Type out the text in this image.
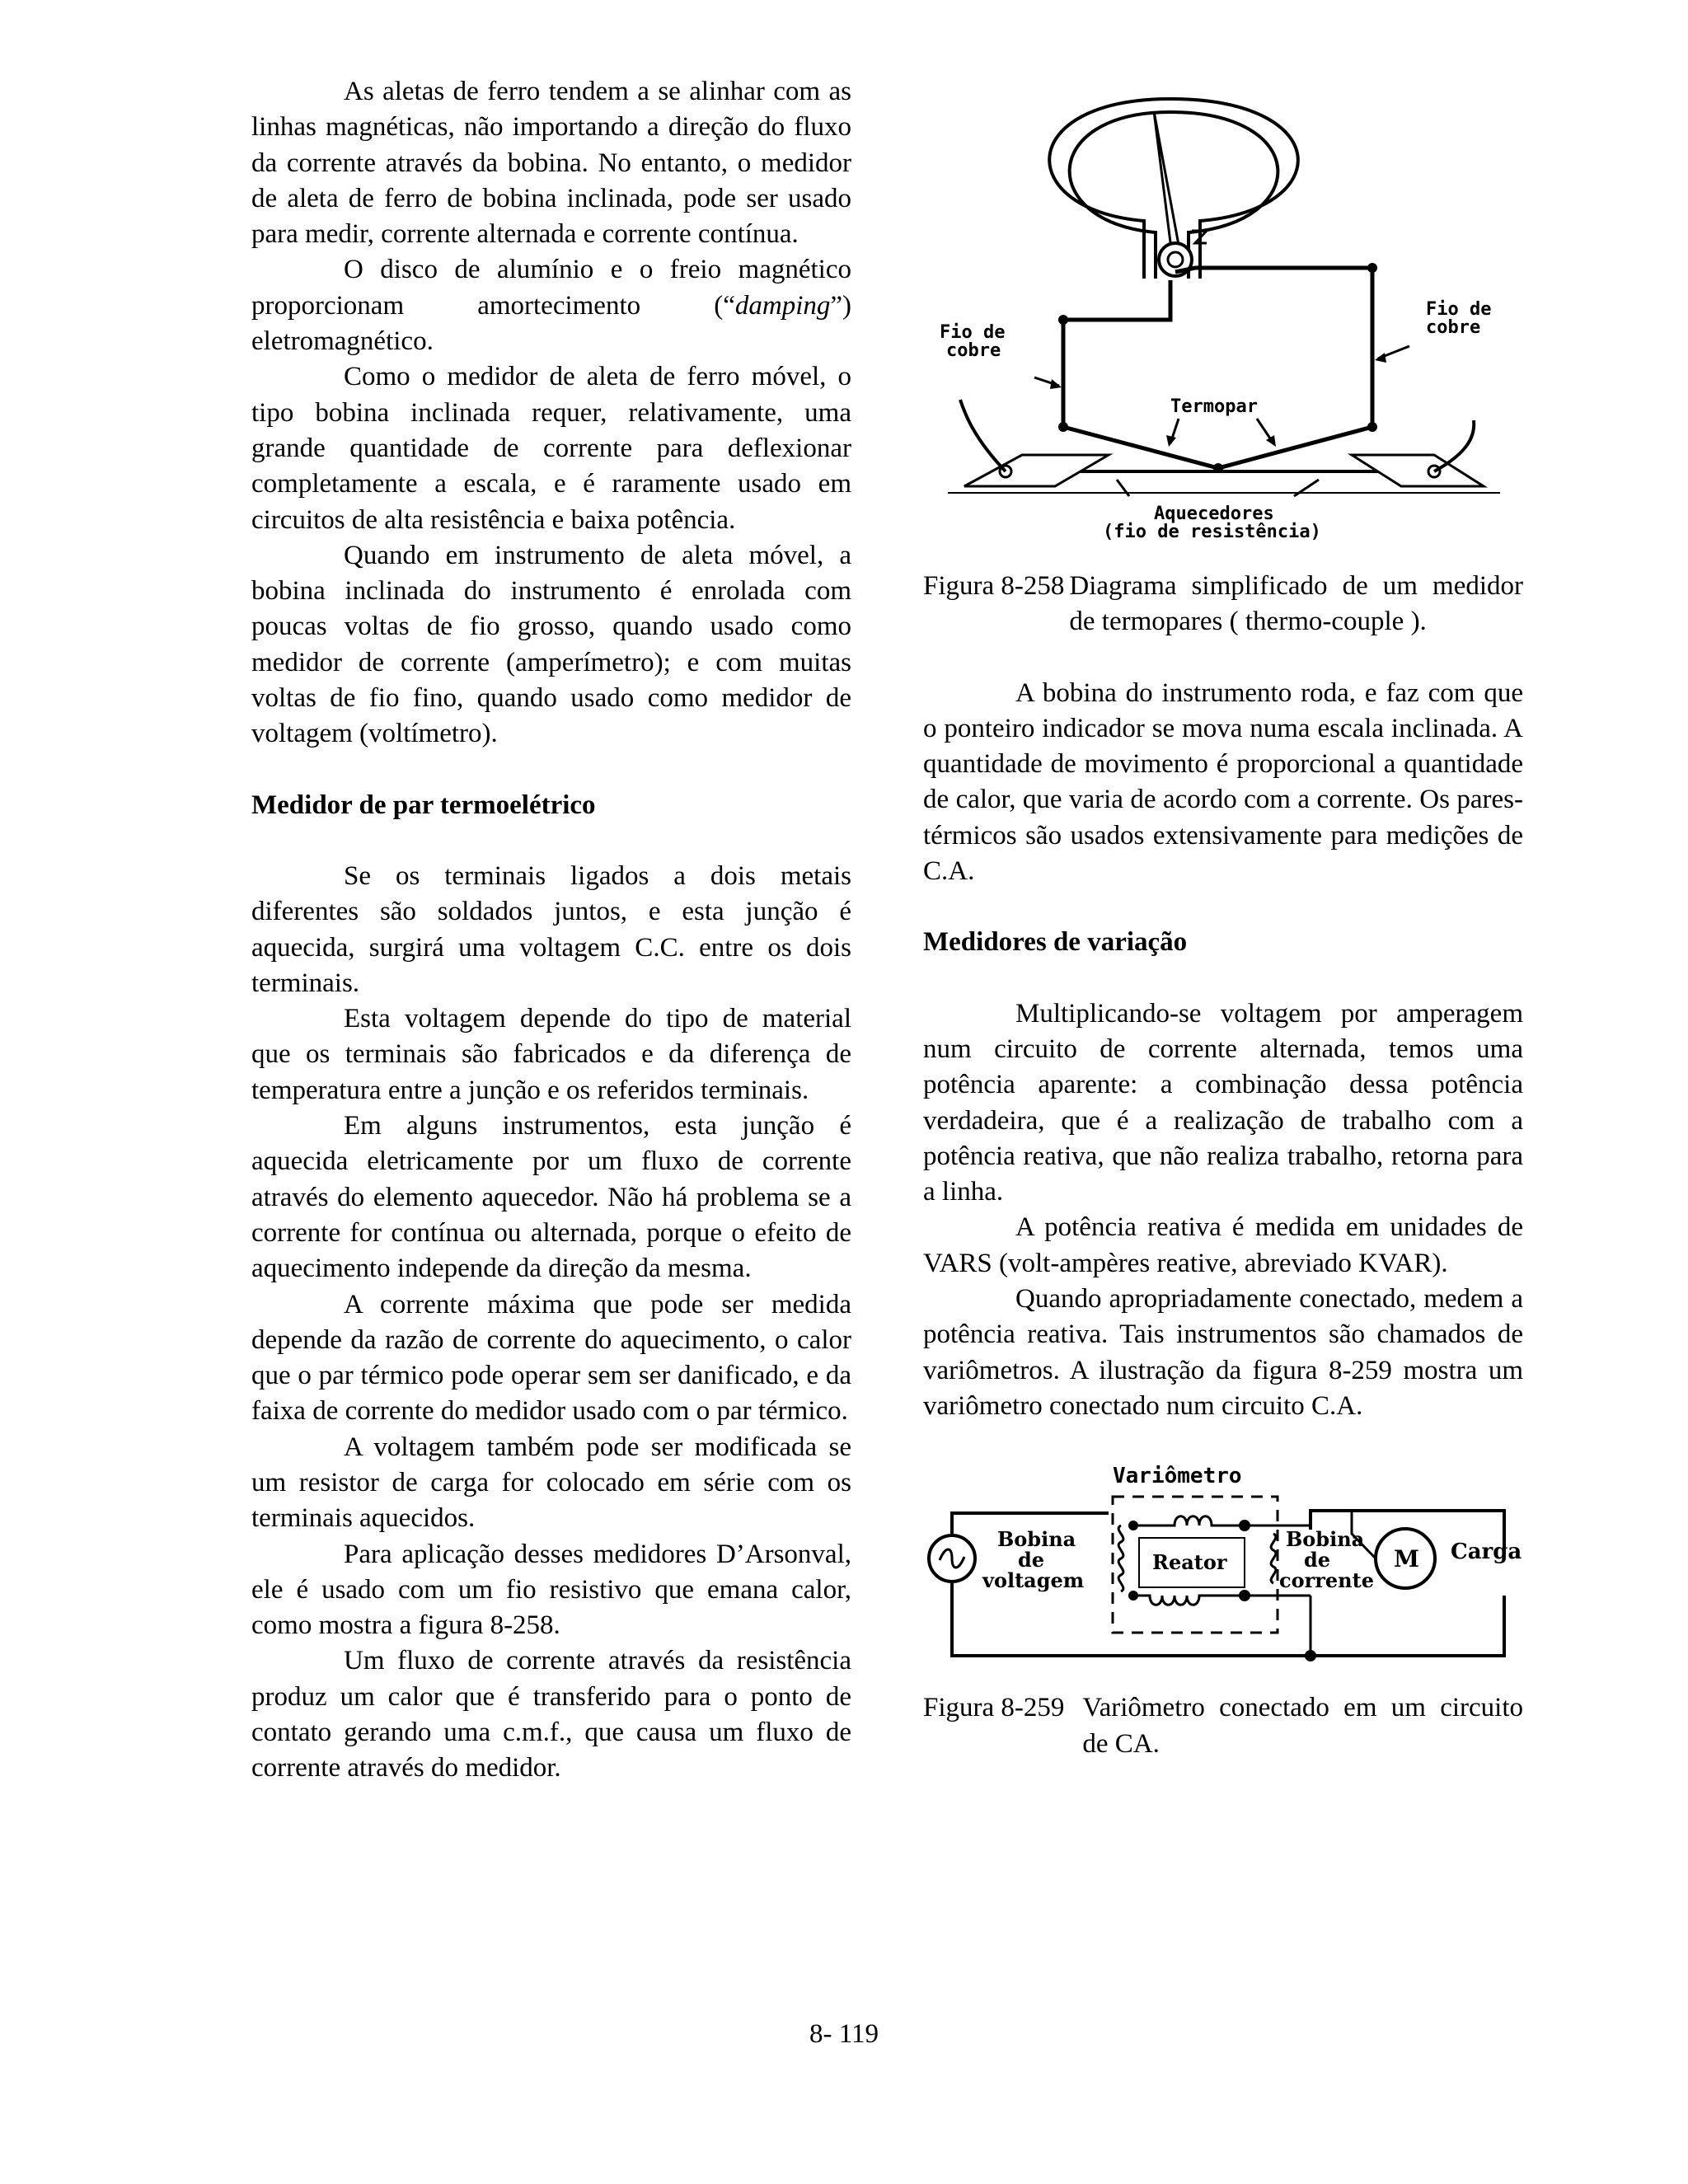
As aletas de ferro tendem a se alinhar com as linhas magnéticas, não importando a direção do fluxo da corrente através da bobina. No entanto, o medidor de aleta de ferro de bobina inclinada, pode ser usado para medir, corrente alternada e corrente contínua.

O disco de alumínio e o freio magnético proporcionam amortecimento (“damping”) eletromagnético.

Como o medidor de aleta de ferro móvel, o tipo bobina inclinada requer, relativamente, uma grande quantidade de corrente para deflexionar completamente a escala, e é raramente usado em circuitos de alta resistência e baixa potência.

Quando em instrumento de aleta móvel, a bobina inclinada do instrumento é enrolada com poucas voltas de fio grosso, quando usado como medidor de corrente (amperímetro); e com muitas voltas de fio fino, quando usado como medidor de voltagem (voltímetro).

Medidor de par termoelétrico

Se os terminais ligados a dois metais diferentes são soldados juntos, e esta junção é aquecida, surgirá uma voltagem C.C. entre os dois terminais.

Esta voltagem depende do tipo de material que os terminais são fabricados e da diferença de temperatura entre a junção e os referidos terminais.

Em alguns instrumentos, esta junção é aquecida eletricamente por um fluxo de corrente através do elemento aquecedor. Não há problema se a corrente for contínua ou alternada, porque o efeito de aquecimento independe da direção da mesma.

A corrente máxima que pode ser medida depende da razão de corrente do aquecimento, o calor que o par térmico pode operar sem ser danificado, e da faixa de corrente do medidor usado com o par térmico.

A voltagem também pode ser modificada se um resistor de carga for colocado em série com os terminais aquecidos.

Para aplicação desses medidores D’Arsonval, ele é usado com um fio resistivo que emana calor, como mostra a figura 8-258.

Um fluxo de corrente através da resistência produz um calor que é transferido para o ponto de contato gerando uma c.m.f., que causa um fluxo de corrente através do medidor.

Fio de
cobre
Fio de
cobre
Termopar
Aquecedores
(fio de resistência)
Figura 8-258 Diagrama simplificado de um medidor de termopares ( thermo-couple ).

A bobina do instrumento roda, e faz com que o ponteiro indicador se mova numa escala inclinada. A quantidade de movimento é proporcional a quantidade de calor, que varia de acordo com a corrente. Os pares-térmicos são usados extensivamente para medições de C.A.

Medidores de variação

Multiplicando-se voltagem por amperagem num circuito de corrente alternada, temos uma potência aparente: a combinação dessa potência verdadeira, que é a realização de trabalho com a potência reativa, que não realiza trabalho, retorna para a linha.

A potência reativa é medida em unidades de VARS (volt-ampères reative, abreviado KVAR).

Quando apropriadamente conectado, medem a potência reativa. Tais instrumentos são chamados de variômetros. A ilustração da figura 8-259 mostra um variômetro conectado num circuito C.A.

Variômetro
Bobina
de
voltagem
Reator
Bobina
de
corrente
M Carga
Figura 8-259 Variômetro conectado em um circuito de CA.
8- 119
